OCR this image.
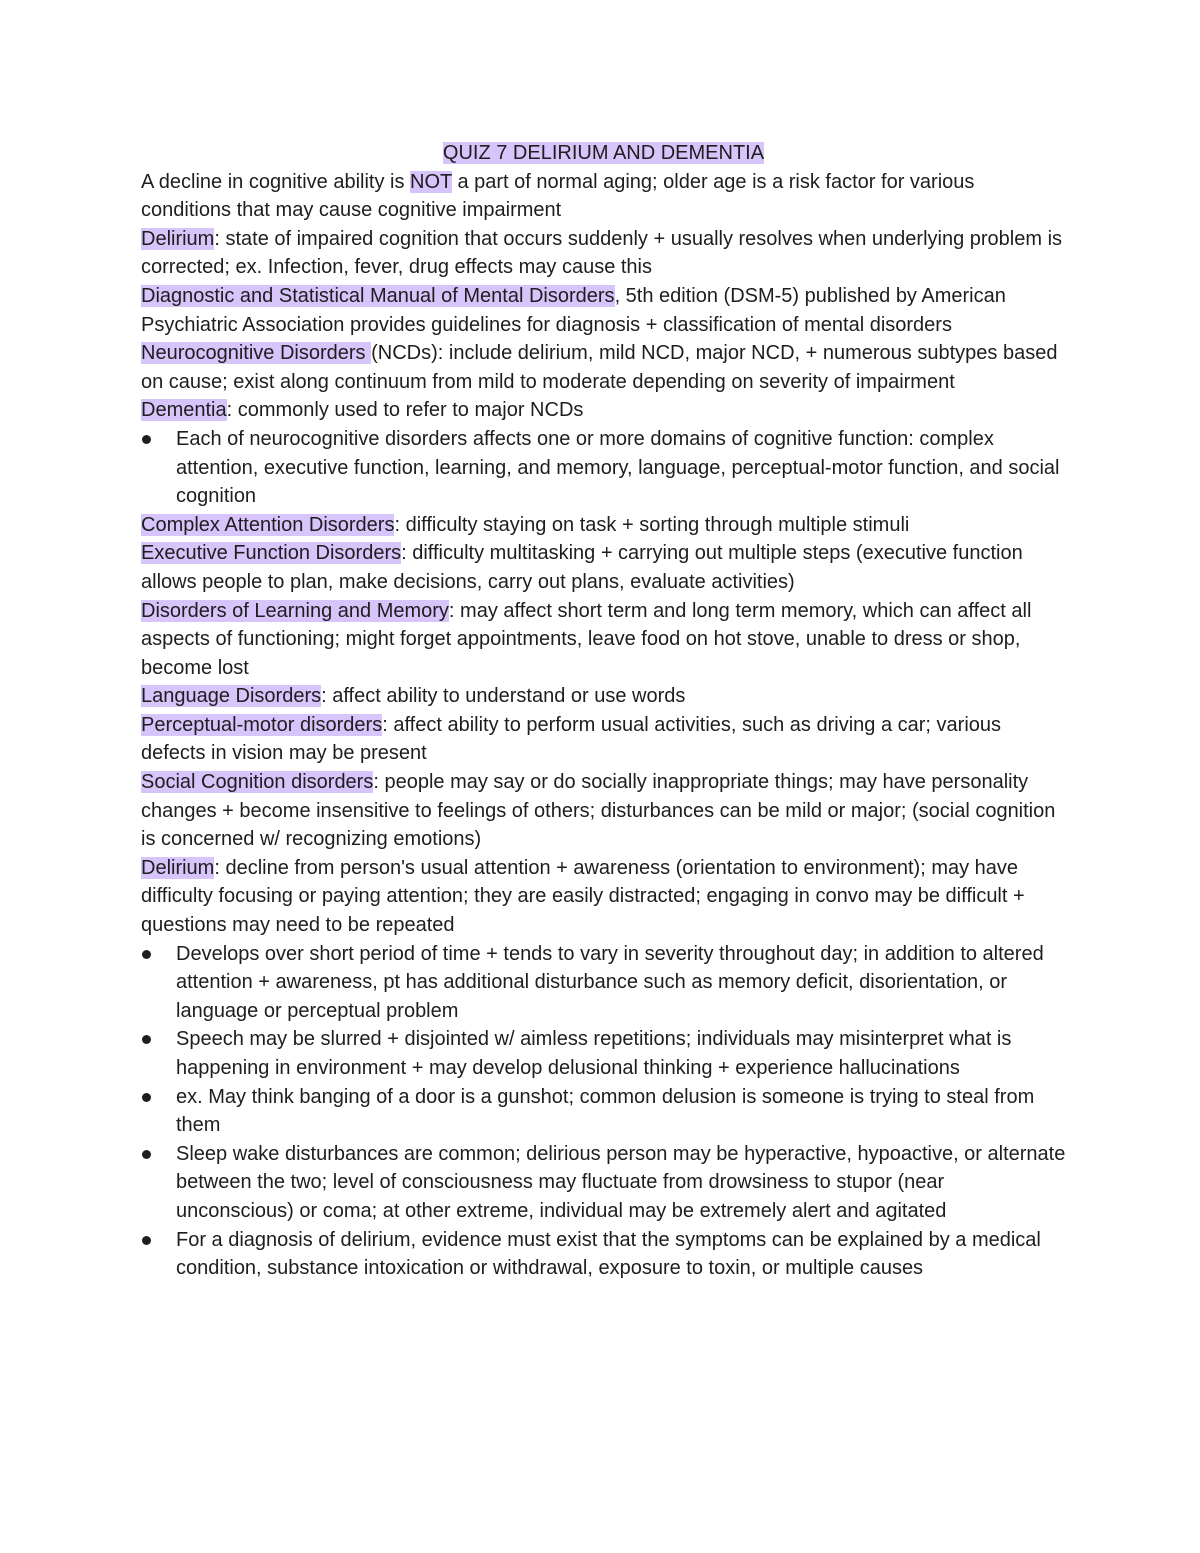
QUIZ 7 DELIRIUM AND DEMENTIA

A decline in cognitive ability is NOT a part of normal aging; older age is a risk factor for various conditions that may cause cognitive impairment

Delirium: state of impaired cognition that occurs suddenly + usually resolves when underlying problem is corrected; ex. Infection, fever, drug effects may cause this

Diagnostic and Statistical Manual of Mental Disorders, 5th edition (DSM-5) published by American Psychiatric Association provides guidelines for diagnosis + classification of mental disorders

Neurocognitive Disorders (NCDs): include delirium, mild NCD, major NCD, + numerous subtypes based on cause; exist along continuum from mild to moderate depending on severity of impairment

Dementia: commonly used to refer to major NCDs

Each of neurocognitive disorders affects one or more domains of cognitive function: complex attention, executive function, learning, and memory, language, perceptual-motor function, and social cognition

Complex Attention Disorders: difficulty staying on task + sorting through multiple stimuli

Executive Function Disorders: difficulty multitasking + carrying out multiple steps (executive function allows people to plan, make decisions, carry out plans, evaluate activities)

Disorders of Learning and Memory: may affect short term and long term memory, which can affect all aspects of functioning; might forget appointments, leave food on hot stove, unable to dress or shop, become lost

Language Disorders: affect ability to understand or use words

Perceptual-motor disorders: affect ability to perform usual activities, such as driving a car; various defects in vision may be present

Social Cognition disorders: people may say or do socially inappropriate things; may have personality changes + become insensitive to feelings of others; disturbances can be mild or major; (social cognition is concerned w/ recognizing emotions)

Delirium: decline from person's usual attention + awareness (orientation to environment); may have difficulty focusing or paying attention; they are easily distracted; engaging in convo may be difficult + questions may need to be repeated

Develops over short period of time + tends to vary in severity throughout day; in addition to altered attention + awareness, pt has additional disturbance such as memory deficit, disorientation, or language or perceptual problem
Speech may be slurred + disjointed w/ aimless repetitions; individuals may misinterpret what is happening in environment + may develop delusional thinking + experience hallucinations
ex. May think banging of a door is a gunshot; common delusion is someone is trying to steal from them
Sleep wake disturbances are common; delirious person may be hyperactive, hypoactive, or alternate between the two; level of consciousness may fluctuate from drowsiness to stupor (near unconscious) or coma; at other extreme, individual may be extremely alert and agitated
For a diagnosis of delirium, evidence must exist that the symptoms can be explained by a medical condition, substance intoxication or withdrawal, exposure to toxin, or multiple causes
